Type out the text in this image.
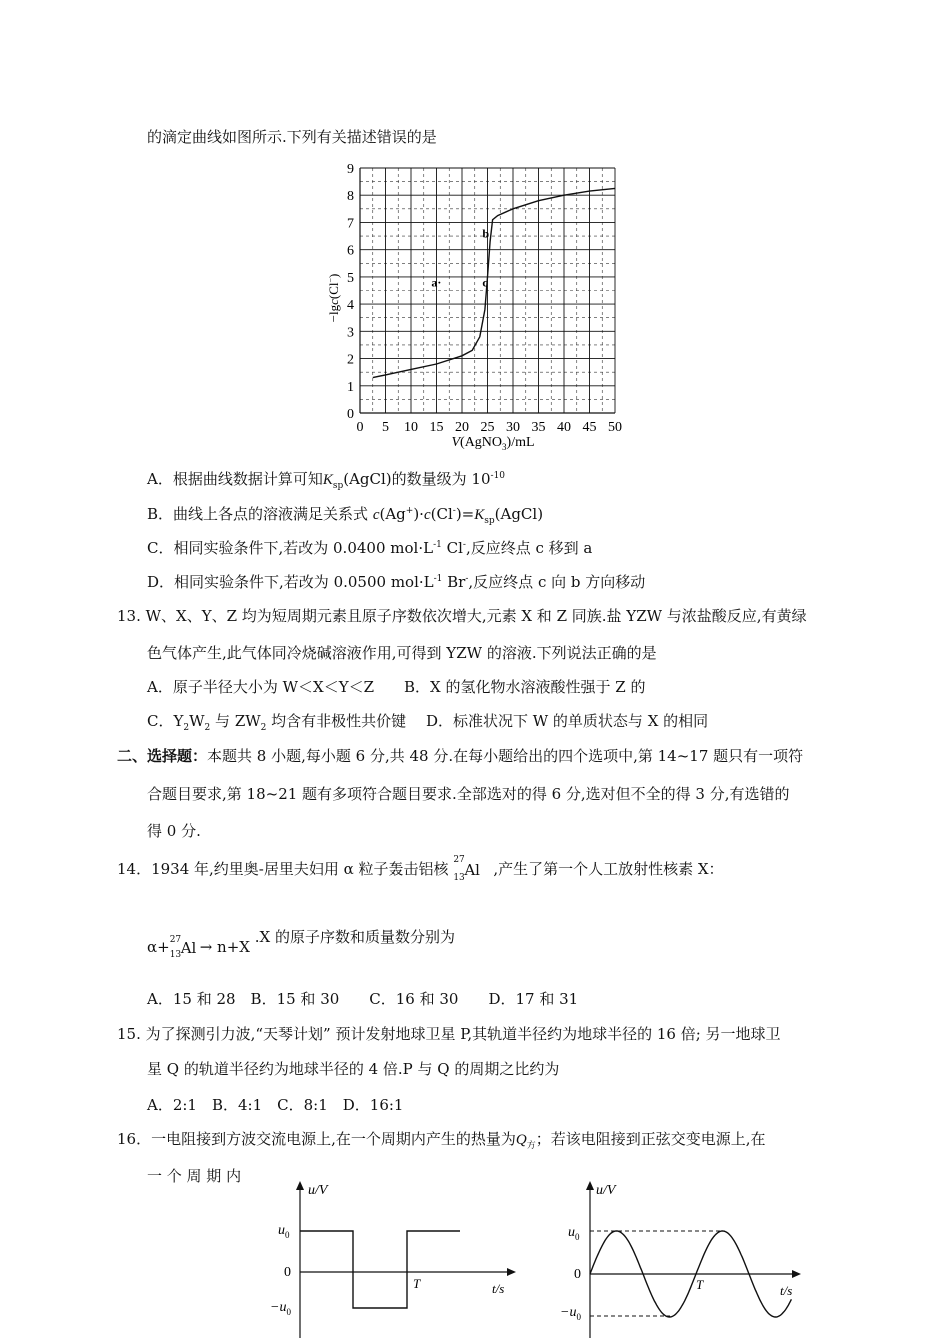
的滴定曲线如图所示.下列有关描述错误的是
0 5 10 15 20 25 30 35 40 45 50
0
1
2
3
4
5
6
7
8
9
a·
b
c
V(AgNO$_3$)/mL
−lgc(Cl−)
A．根据曲线数据计算可知$K_{sp}(AgCl)$的数量级为 $10^{-10}$
B．曲线上各点的溶液满足关系式 $c(Ag^+)\cdot c(Cl^-)=K_{sp}(AgCl)$
C．相同实验条件下,若改为 0.0400 $mol\cdot L^{-1}$ Cl-,反应终点 c 移到 a
D．相同实验条件下,若改为 0.0500 $mol\cdot L^{-1}$ Br-,反应终点 c 向 b 方向移动
13. W、X、Y、Z 均为短周期元素且原子序数依次增大,元素 X 和 Z 同族.盐 YZW 与浓盐酸反应,有黄绿
色气体产生,此气体同冷烧碱溶液作用,可得到 YZW 的溶液.下列说法正确的是
A．原子半径大小为 W＜X＜Y＜Z　　B．X 的氢化物水溶液酸性强于 Z 的
C．$Y_2W_2$ 与 $ZW_2$ 均含有非极性共价键　 D．标准状况下 W 的单质状态与 X 的相同
二、选择题：本题共 8 小题,每小题 6 分,共 48 分.在每小题给出的四个选项中,第 14~17 题只有一项符
合题目要求,第 18~21 题有多项符合题目要求.全部选对的得 6 分,选对但不全的得 3 分,有选错的
得 0 分.
14．1934 年,约里奥-居里夫妇用 α 粒子轰击铝核 27
13 Al ,产生了第一个人工放射性核素 X：
α+ 27
13 Al → n+X .X 的原子序数和质量数分别为
A．15 和 28　B．15 和 30　　C．16 和 30　　D．17 和 31
15. 为了探测引力波,“天琴计划” 预计发射地球卫星 P,其轨道半径约为地球半径的 16 倍; 另一地球卫
星 Q 的轨道半径约为地球半径的 4 倍.P 与 Q 的周期之比约为
A．2:1　B．4:1　C．8:1　D．16:1
16．一电阻接到方波交流电源上,在一个周期内产生的热量为$Q_方$；若该电阻接到正弦交变电源上,在
一 个 周 期 内
u/V
$u_0$
0
$-u_0$
T	t/s
u/V
$u_0$
0
$-u_0$
T	t/s
